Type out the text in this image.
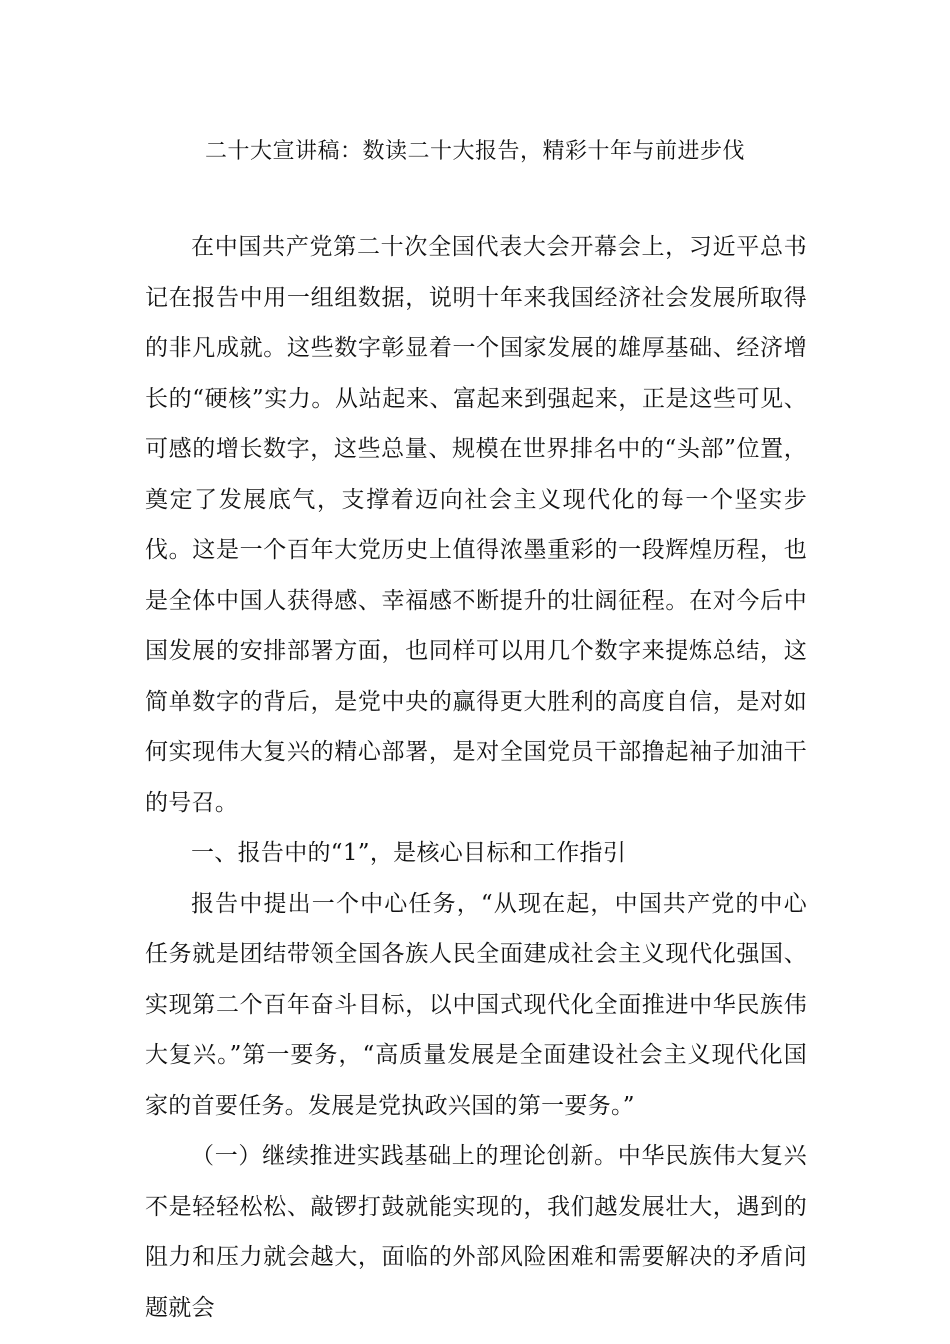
二十大宣讲稿：数读二十大报告，精彩十年与前进步伐

在中国共产党第二十次全国代表大会开幕会上，习近平总书记在报告中用一组组数据，说明十年来我国经济社会发展所取得的非凡成就。这些数字彰显着一个国家发展的雄厚基础、经济增长的“硬核”实力。从站起来、富起来到强起来，正是这些可见、可感的增长数字，这些总量、规模在世界排名中的“头部”位置，奠定了发展底气，支撑着迈向社会主义现代化的每一个坚实步伐。这是一个百年大党历史上值得浓墨重彩的一段辉煌历程，也是全体中国人获得感、幸福感不断提升的壮阔征程。在对今后中国发展的安排部署方面，也同样可以用几个数字来提炼总结，这简单数字的背后，是党中央的赢得更大胜利的高度自信，是对如何实现伟大复兴的精心部署，是对全国党员干部撸起袖子加油干的号召。

一、报告中的“1”，是核心目标和工作指引

报告中提出一个中心任务，“从现在起，中国共产党的中心任务就是团结带领全国各族人民全面建成社会主义现代化强国、实现第二个百年奋斗目标，以中国式现代化全面推进中华民族伟大复兴。”第一要务，“高质量发展是全面建设社会主义现代化国家的首要任务。发展是党执政兴国的第一要务。”

（一）继续推进实践基础上的理论创新。中华民族伟大复兴不是轻轻松松、敲锣打鼓就能实现的，我们越发展壮大，遇到的阻力和压力就会越大，面临的外部风险困难和需要解决的矛盾问题就会
